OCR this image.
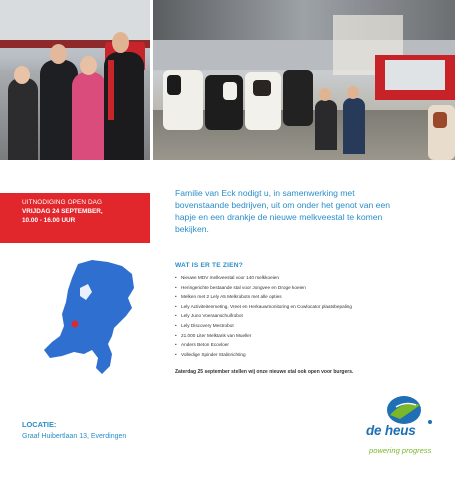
UITNODIGING OPEN DAG
VRIJDAG 24 SEPTEMBER,
10.00 - 16.00 UUR

Familie van Eck nodigt u, in samenwerking met bovenstaande bedrijven, uit om onder het genot van een hapje en een drankje de nieuwe melkveestal te komen bekijken.

WAT IS ER TE ZIEN?
• Nieuwe MDV melkveestal voor 140 melkkoeien
• Heringerichte bestaande stal voor Jongvee en Droge koeien
• Melken met 2 Lely A5 Melkrobots met alle opties
• Lely Activiteitenmeting, Vreet en Herkauwmonitoring en Cowlocator plaatsbepaling
• Lely Juno Voeraanschuifrobot
• Lely Discovery Mestrobot
• 21.000 Liter Melktank van Mueller
• Anders Beton Ecovloer
• Volledige Spinder Stalinrichting

Zaterdag 25 september stellen wij onze nieuwe stal ook open voor burgers.

LOCATIE:
Graaf Huibertlaan 13, Everdingen	de heus
powering progress
